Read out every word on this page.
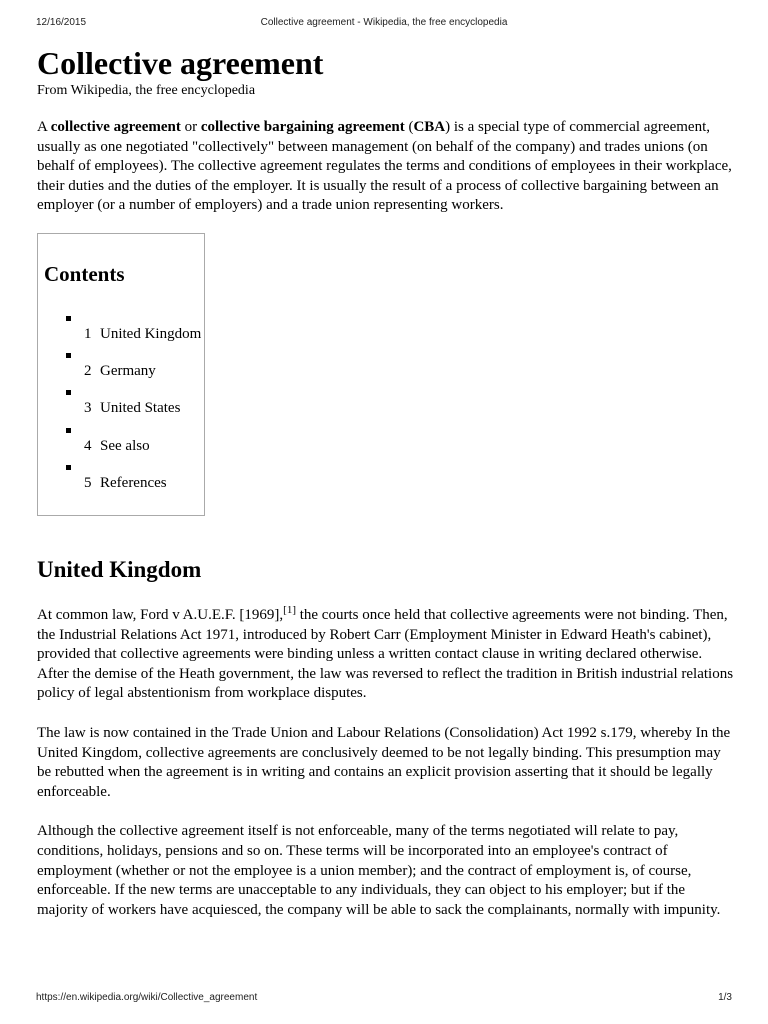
12/16/2015	Collective agreement - Wikipedia, the free encyclopedia
Collective agreement
From Wikipedia, the free encyclopedia

A collective agreement or collective bargaining agreement (CBA) is a special type of commercial agreement, usually as one negotiated "collectively" between management (on behalf of the company) and trades unions (on behalf of employees). The collective agreement regulates the terms and conditions of employees in their workplace, their duties and the duties of the employer. It is usually the result of a process of collective bargaining between an employer (or a number of employers) and a trade union representing workers.

Contents
1 United Kingdom
2 Germany
3 United States
4 See also
5 References
United Kingdom

At common law, Ford v A.U.E.F. [1969],[1] the courts once held that collective agreements were not binding. Then, the Industrial Relations Act 1971, introduced by Robert Carr (Employment Minister in Edward Heath's cabinet), provided that collective agreements were binding unless a written contact clause in writing declared otherwise. After the demise of the Heath government, the law was reversed to reflect the tradition in British industrial relations policy of legal abstentionism from workplace disputes.

The law is now contained in the Trade Union and Labour Relations (Consolidation) Act 1992 s.179, whereby In the United Kingdom, collective agreements are conclusively deemed to be not legally binding. This presumption may be rebutted when the agreement is in writing and contains an explicit provision asserting that it should be legally enforceable.

Although the collective agreement itself is not enforceable, many of the terms negotiated will relate to pay, conditions, holidays, pensions and so on. These terms will be incorporated into an employee's contract of employment (whether or not the employee is a union member); and the contract of employment is, of course, enforceable. If the new terms are unacceptable to any individuals, they can object to his employer; but if the majority of workers have acquiesced, the company will be able to sack the complainants, normally with impunity.

https://en.wikipedia.org/wiki/Collective_agreement	1/3
